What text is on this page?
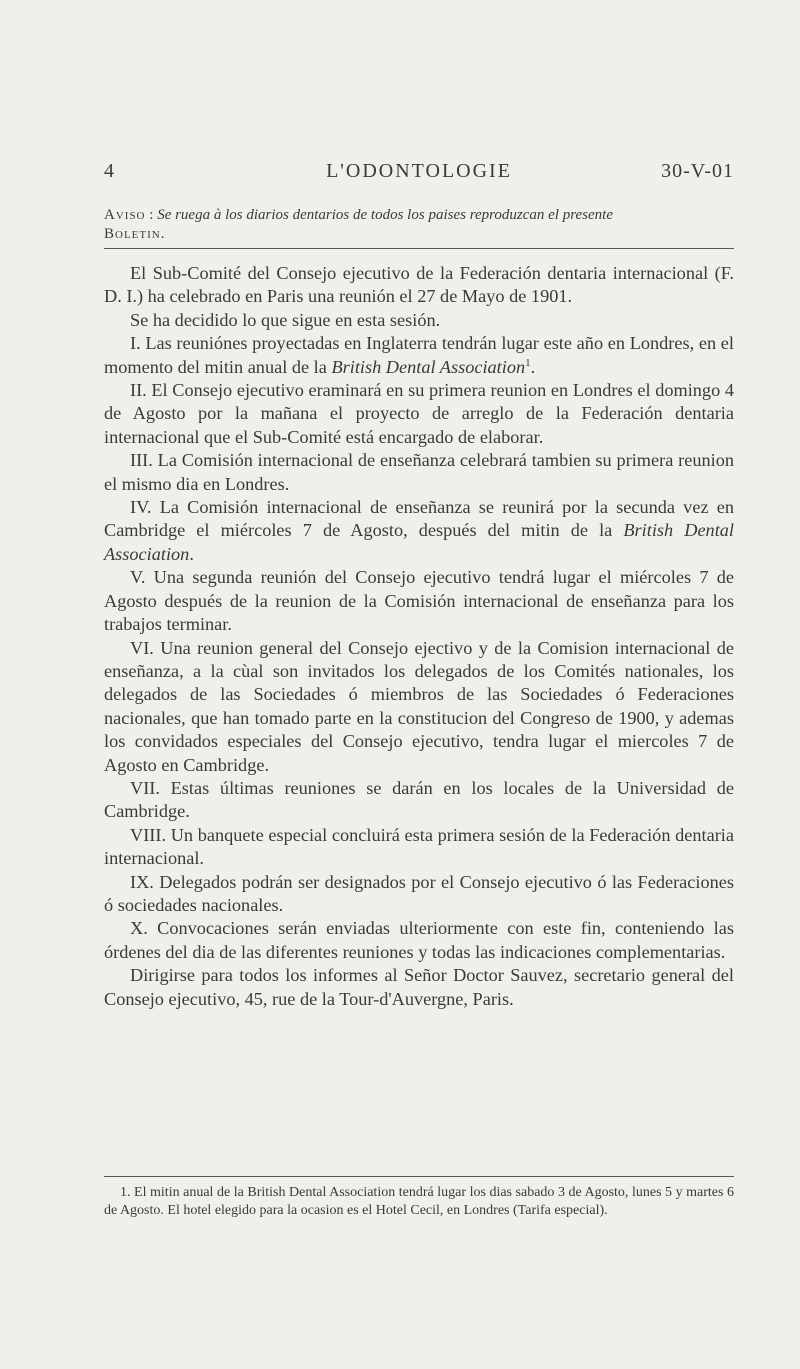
4	L'ODONTOLOGIE	30-V-01
Aviso : Se ruega à los diarios dentarios de todos los paises reproduzcan el presente
Boletin.

El Sub-Comité del Consejo ejecutivo de la Federación dentaria internacional (F. D. I.) ha celebrado en Paris una reunión el 27 de Mayo de 1901.

Se ha decidido lo que sigue en esta sesión.

I. Las reuniónes proyectadas en Inglaterra tendrán lugar este año en Londres, en el momento del mitin anual de la British Dental Association$^1$.

II. El Consejo ejecutivo eraminará en su primera reunion en Londres el domingo 4 de Agosto por la mañana el proyecto de arreglo de la Federación dentaria internacional que el Sub-Comité está encargado de elaborar.

III. La Comisión internacional de enseñanza celebrará tambien su primera reunion el mismo dia en Londres.

IV. La Comisión internacional de enseñanza se reunirá por la secunda vez en Cambridge el miércoles 7 de Agosto, después del mitin de la British Dental Association.

V. Una segunda reunión del Consejo ejecutivo tendrá lugar el miércoles 7 de Agosto después de la reunion de la Comisión internacional de enseñanza para los trabajos terminar.

VI. Una reunion general del Consejo ejectivo y de la Comision internacional de enseñanza, a la cùal son invitados los delegados de los Comités nationales, los delegados de las Sociedades ó miembros de las Sociedades ó Federaciones nacionales, que han tomado parte en la constitucion del Congreso de 1900, y ademas los convidados especiales del Consejo ejecutivo, tendra lugar el miercoles 7 de Agosto en Cambridge.

VII. Estas últimas reuniones se darán en los locales de la Universidad de Cambridge.

VIII. Un banquete especial concluirá esta primera sesión de la Federación dentaria internacional.

IX. Delegados podrán ser designados por el Consejo ejecutivo ó las Federaciones ó sociedades nacionales.

X. Convocaciones serán enviadas ulteriormente con este fin, conteniendo las órdenes del dia de las diferentes reuniones y todas las indicaciones complementarias.

Dirigirse para todos los informes al Señor Doctor Sauvez, secretario general del Consejo ejecutivo, 45, rue de la Tour-d'Auvergne, Paris.

1. El mitin anual de la British Dental Association tendrá lugar los dias sabado 3 de Agosto, lunes 5 y martes 6 de Agosto. El hotel elegido para la ocasion es el Hotel Cecil, en Londres (Tarifa especial).
